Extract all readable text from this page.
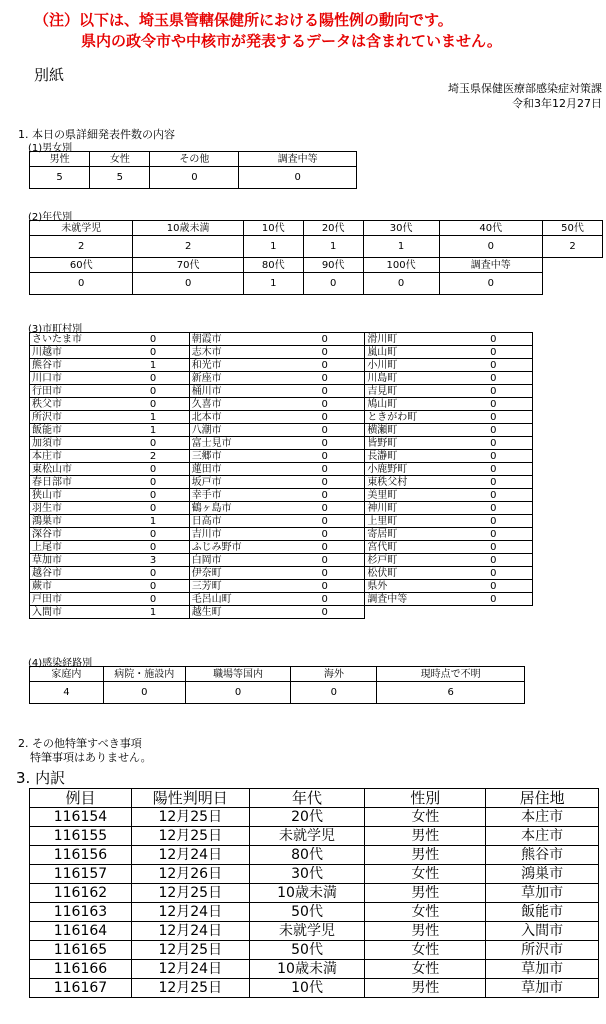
（注）以下は、埼玉県管轄保健所における陽性例の動向です。
県内の政令市や中核市が発表するデータは含まれていません。
別紙
埼玉県保健医療部感染症対策課
令和3年12月27日
1. 本日の県詳細発表件数の内容
(1)男女別
男性	女性	その他	調査中等
5	5	0	0
(2)年代別
未就学児	10歳未満	10代	20代	30代	40代	50代
2	2	1	1	1	0	2
60代	70代	80代	90代	100代	調査中等	
0	0	1	0	0	0	
(3)市町村別
さいたま市	0	朝霞市	0	滑川町	0
川越市	0	志木市	0	嵐山町	0
熊谷市	1	和光市	0	小川町	0
川口市	0	新座市	0	川島町	0
行田市	0	桶川市	0	吉見町	0
秩父市	0	久喜市	0	鳩山町	0
所沢市	1	北本市	0	ときがわ町	0
飯能市	1	八潮市	0	横瀬町	0
加須市	0	富士見市	0	皆野町	0
本庄市	2	三郷市	0	長瀞町	0
東松山市	0	蓮田市	0	小鹿野町	0
春日部市	0	坂戸市	0	東秩父村	0
狭山市	0	幸手市	0	美里町	0
羽生市	0	鶴ヶ島市	0	神川町	0
鴻巣市	1	日高市	0	上里町	0
深谷市	0	吉川市	0	寄居町	0
上尾市	0	ふじみ野市	0	宮代町	0
草加市	3	白岡市	0	杉戸町	0
越谷市	0	伊奈町	0	松伏町	0
蕨市	0	三芳町	0	県外	0
戸田市	0	毛呂山町	0	調査中等	0
入間市	1	越生町	0		
(4)感染経路別
家庭内	病院・施設内	職場等国内	海外	現時点で不明
4	0	0	0	6
2. その他特筆すべき事項
特筆事項はありません。
3. 内訳
例目	陽性判明日	年代	性別	居住地
116154	12月25日	20代	女性	本庄市
116155	12月25日	未就学児	男性	本庄市
116156	12月24日	80代	男性	熊谷市
116157	12月26日	30代	女性	鴻巣市
116162	12月25日	10歳未満	男性	草加市
116163	12月24日	50代	女性	飯能市
116164	12月24日	未就学児	男性	入間市
116165	12月25日	50代	女性	所沢市
116166	12月24日	10歳未満	女性	草加市
116167	12月25日	10代	男性	草加市
